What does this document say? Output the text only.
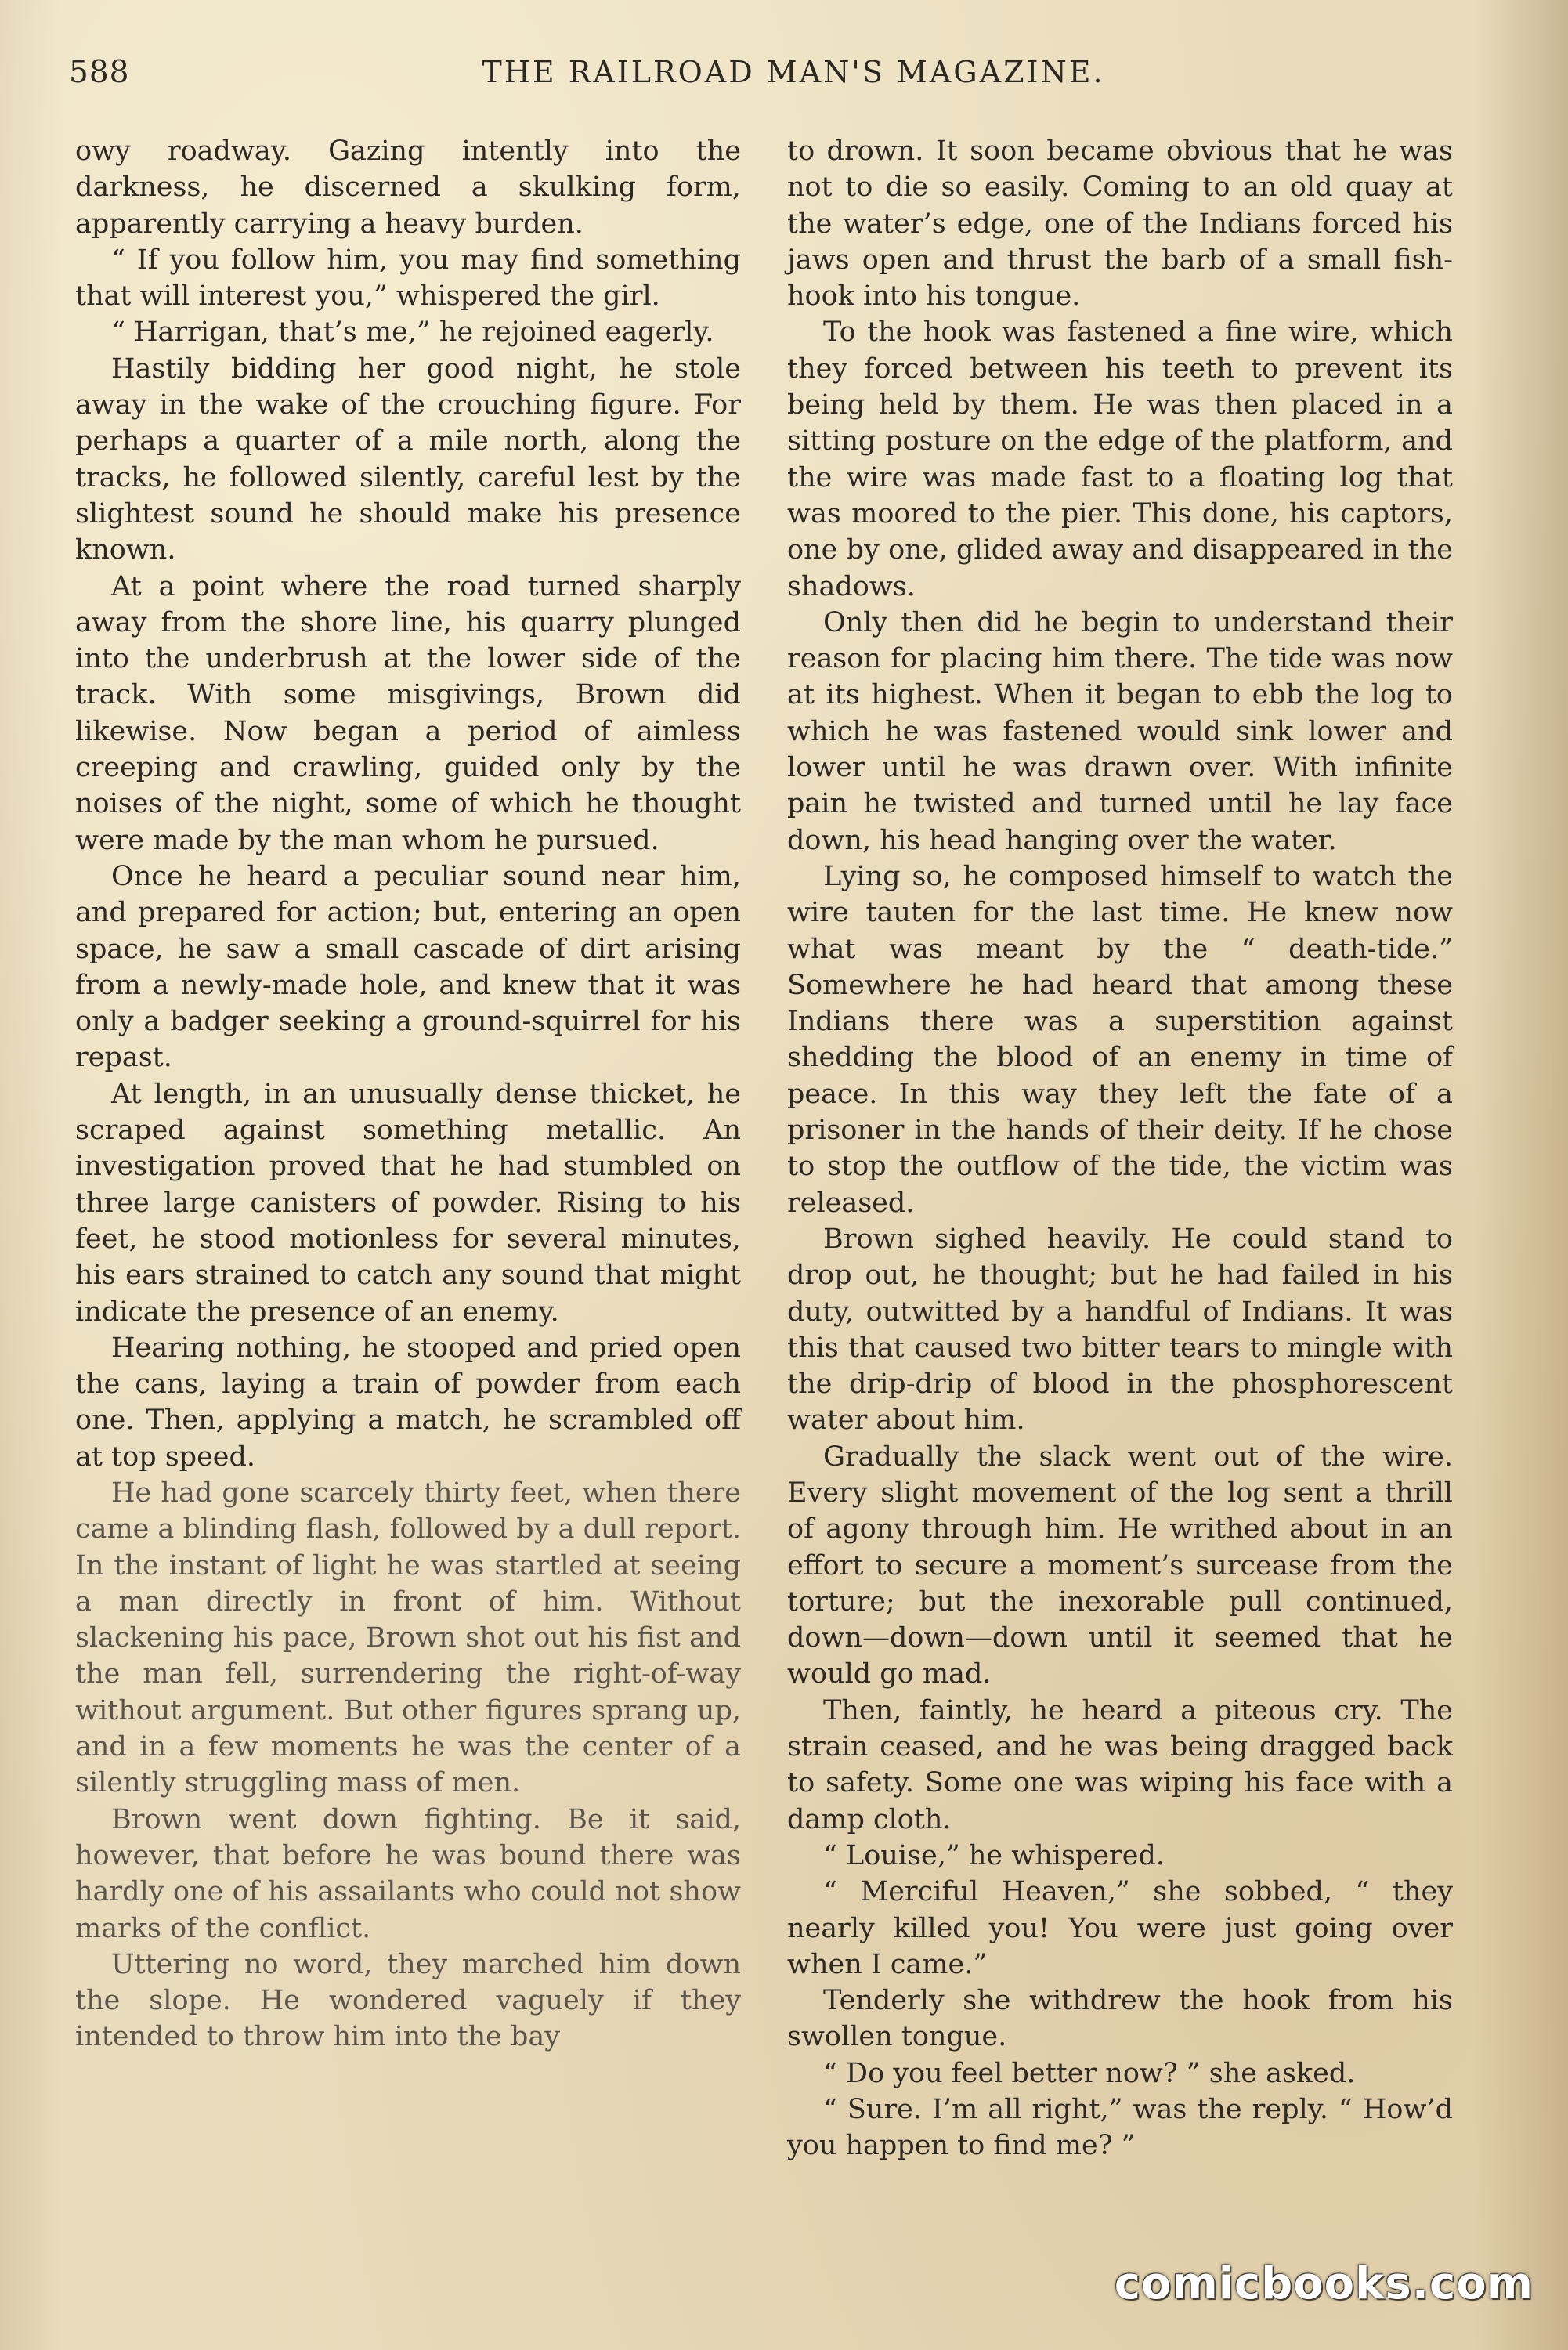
588	THE RAILROAD MAN'S MAGAZINE.

owy roadway. Gazing intently into the darkness, he discerned a skulking form, apparently carrying a heavy burden.

“ If you follow him, you may find something that will interest you,” whispered the girl.

“ Harrigan, that’s me,” he rejoined eagerly.

Hastily bidding her good night, he stole away in the wake of the crouching figure. For perhaps a quarter of a mile north, along the tracks, he followed silently, careful lest by the slightest sound he should make his presence known.

At a point where the road turned sharply away from the shore line, his quarry plunged into the underbrush at the lower side of the track. With some misgivings, Brown did likewise. Now began a period of aimless creeping and crawling, guided only by the noises of the night, some of which he thought were made by the man whom he pursued.

Once he heard a peculiar sound near him, and prepared for action; but, entering an open space, he saw a small cascade of dirt arising from a newly-made hole, and knew that it was only a badger seeking a ground-squirrel for his repast.

At length, in an unusually dense thicket, he scraped against something metallic. An investigation proved that he had stumbled on three large canisters of powder. Rising to his feet, he stood motionless for several minutes, his ears strained to catch any sound that might indicate the presence of an enemy.

Hearing nothing, he stooped and pried open the cans, laying a train of powder from each one. Then, applying a match, he scrambled off at top speed.

He had gone scarcely thirty feet, when there came a blinding flash, followed by a dull report. In the instant of light he was startled at seeing a man directly in front of him. Without slackening his pace, Brown shot out his fist and the man fell, surrendering the right-of-way without argument. But other figures sprang up, and in a few moments he was the center of a silently struggling mass of men.

Brown went down fighting. Be it said, however, that before he was bound there was hardly one of his assailants who could not show marks of the conflict.

Uttering no word, they marched him down the slope. He wondered vaguely if they intended to throw him into the bay

to drown. It soon became obvious that he was not to die so easily. Coming to an old quay at the water’s edge, one of the Indians forced his jaws open and thrust the barb of a small fish-hook into his tongue.

To the hook was fastened a fine wire, which they forced between his teeth to prevent its being held by them. He was then placed in a sitting posture on the edge of the platform, and the wire was made fast to a floating log that was moored to the pier. This done, his captors, one by one, glided away and disappeared in the shadows.

Only then did he begin to understand their reason for placing him there. The tide was now at its highest. When it began to ebb the log to which he was fastened would sink lower and lower until he was drawn over. With infinite pain he twisted and turned until he lay face down, his head hanging over the water.

Lying so, he composed himself to watch the wire tauten for the last time. He knew now what was meant by the “ death-tide.” Somewhere he had heard that among these Indians there was a superstition against shedding the blood of an enemy in time of peace. In this way they left the fate of a prisoner in the hands of their deity. If he chose to stop the outflow of the tide, the victim was released.

Brown sighed heavily. He could stand to drop out, he thought; but he had failed in his duty, outwitted by a handful of Indians. It was this that caused two bitter tears to mingle with the drip-drip of blood in the phosphorescent water about him.

Gradually the slack went out of the wire. Every slight movement of the log sent a thrill of agony through him. He writhed about in an effort to secure a moment’s surcease from the torture; but the inexorable pull continued, down—down—down until it seemed that he would go mad.

Then, faintly, he heard a piteous cry. The strain ceased, and he was being dragged back to safety. Some one was wiping his face with a damp cloth.

“ Louise,” he whispered.

“ Merciful Heaven,” she sobbed, “ they nearly killed you! You were just going over when I came.”

Tenderly she withdrew the hook from his swollen tongue.

“ Do you feel better now? ” she asked.

“ Sure. I’m all right,” was the reply. “ How’d you happen to find me? ”

comicbooks.com
